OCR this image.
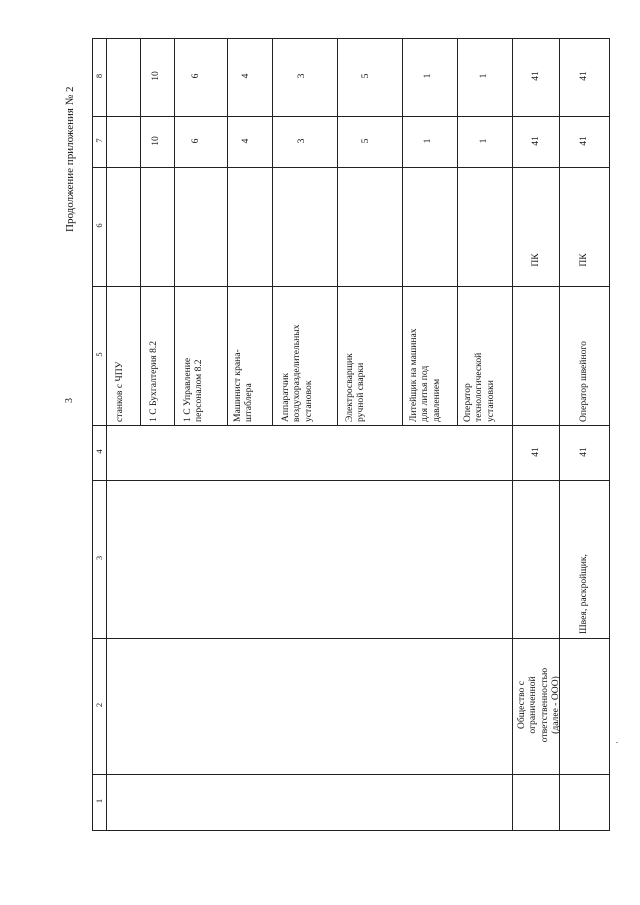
3
Продолжение приложения № 2
8
7
6
5
4
3
2
1
станков с ЧПУ	1 С Бухгалтерия 8.2
10
10
1 С Управление
персоналом 8.2
6
6
Машинист крана-
штаблера
4
4
Аппаратчик
воздухоразделительных
установок
3
3
Электросварщик
ручной сварки
5
5
Литейщик на машинах
для литья под
давлением
1
1
Оператор
технологической
установки
1
1
Общество с
ограниченной
ответственностью
(далее - ООО)
41
ПК
41
41
Швея, раскройщик,
41
Оператор швейного
ПК
41
41
